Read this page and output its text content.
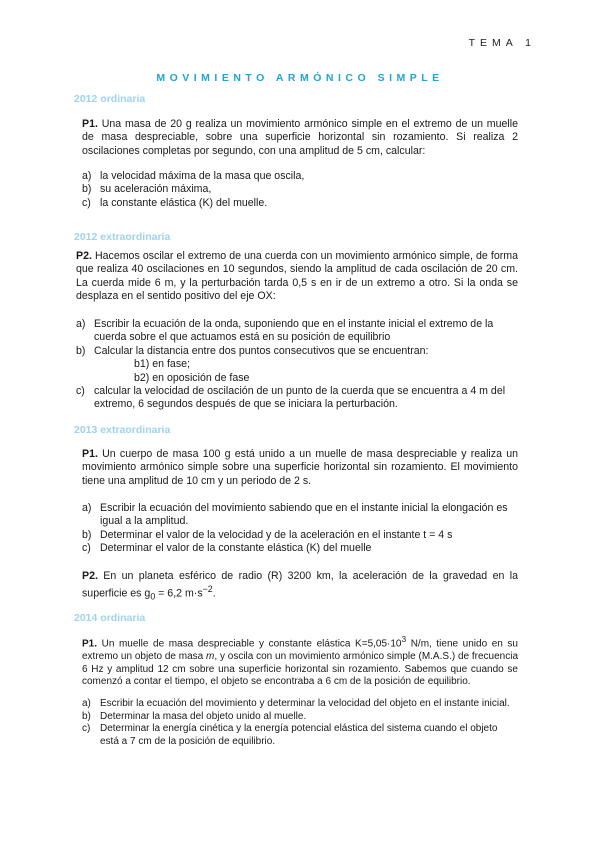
TEMA 1
MOVIMIENTO ARMÓNICO SIMPLE
2012 ordinaria
P1. Una masa de 20 g realiza un movimiento armónico simple en el extremo de un muelle de masa despreciable, sobre una superficie horizontal sin rozamiento. Si realiza 2 oscilaciones completas por segundo, con una amplitud de 5 cm, calcular:
a) la velocidad máxima de la masa que oscila,
b) su aceleración máxima,
c) la constante elástica (K) del muelle.
2012 extraordinaria
P2. Hacemos oscilar el extremo de una cuerda con un movimiento armónico simple, de forma que realiza 40 oscilaciones en 10 segundos, siendo la amplitud de cada oscilación de 20 cm. La cuerda mide 6 m, y la perturbación tarda 0,5 s en ir de un extremo a otro. Si la onda se desplaza en el sentido positivo del eje OX:
a) Escribir la ecuación de la onda, suponiendo que en el instante inicial el extremo de la cuerda sobre el que actuamos está en su posición de equilibrio
b) Calcular la distancia entre dos puntos consecutivos que se encuentran:
b1) en fase;
b2) en oposición de fase
c) calcular la velocidad de oscilación de un punto de la cuerda que se encuentra a 4 m del extremo, 6 segundos después de que se iniciara la perturbación.
2013 extraordinaria
P1. Un cuerpo de masa 100 g está unido a un muelle de masa despreciable y realiza un movimiento armónico simple sobre una superficie horizontal sin rozamiento. El movimiento tiene una amplitud de 10 cm y un periodo de 2 s.
a) Escribir la ecuación del movimiento sabiendo que en el instante inicial la elongación es igual a la amplitud.
b) Determinar el valor de la velocidad y de la aceleración en el instante t = 4 s
c) Determinar el valor de la constante elástica (K) del muelle
P2. En un planeta esférico de radio (R) 3200 km, la aceleración de la gravedad en la superficie es $g_0 = 6,2$ $m\cdot s^{-2}$.
2014 ordinaria
P1. Un muelle de masa despreciable y constante elástica $K=5,05\cdot 10^3$ N/m, tiene unido en su extremo un objeto de masa m, y oscila con un movimiento armónico simple (M.A.S.) de frecuencia 6 Hz y amplitud 12 cm sobre una superficie horizontal sin rozamiento. Sabemos que cuando se comenzó a contar el tiempo, el objeto se encontraba a 6 cm de la posición de equilibrio.
a) Escribir la ecuación del movimiento y determinar la velocidad del objeto en el instante inicial.
b) Determinar la masa del objeto unido al muelle.
c) Determinar la energía cinética y la energía potencial elástica del sistema cuando el objeto está a 7 cm de la posición de equilibrio.
